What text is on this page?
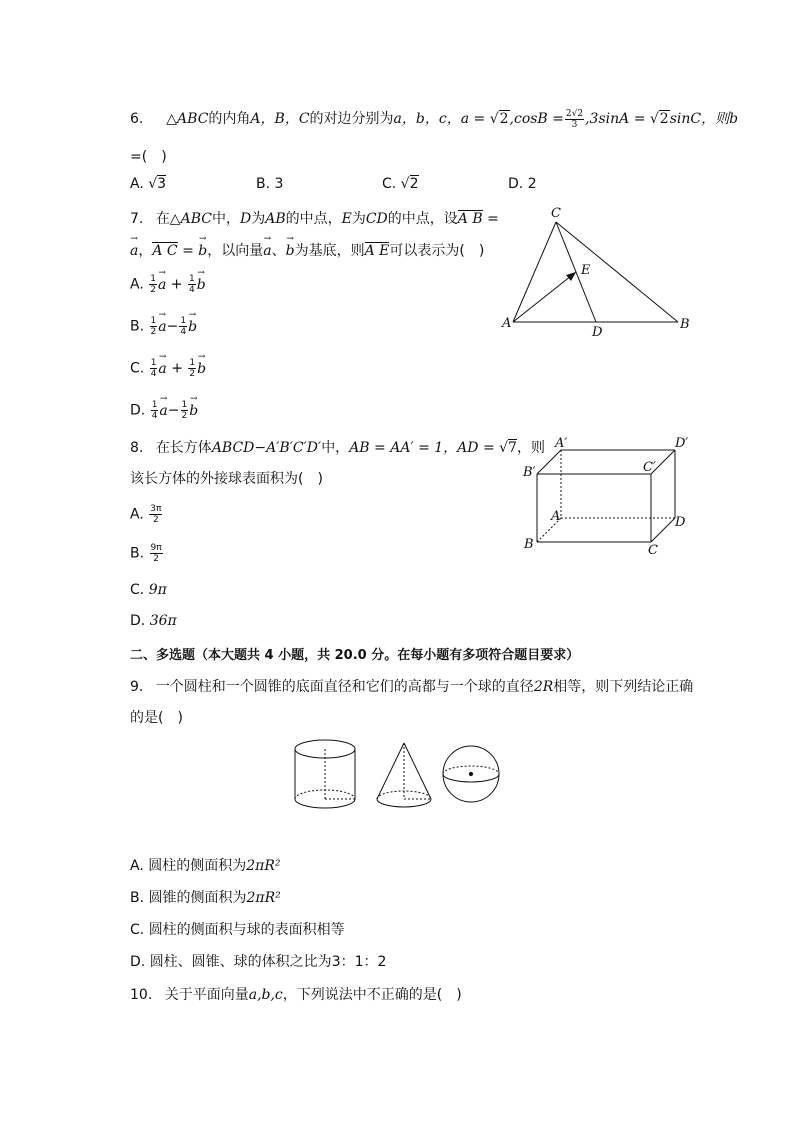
6. △ABC的内角A，B，C的对边分别为a，b，c，$a = √2,\cos B = \frac{2√2}{3} ,3\sin A = √2\sin C$，则b
=(　)
A. √3	B. 3	C. √2	D. 2
7. 在△ABC中，D为AB的中点，E为CD的中点，设A B =
→ a，A C = → b，以向量→ a、→ b为基底，则A E可以表示为(　)
A. $\frac{1}{2}$
→ $a + \frac{1}{4}$
→ b
B. $\frac{1}{2}$
→ $a- \frac{1}{4}$
→ b
C. $\frac{1}{4}$
→ $a + \frac{1}{2}$
→ b
D. $\frac{1}{4}$
→ $a- \frac{1}{2}$
→ b
C
E
A
D
B
8. 在长方体ABCD−A′B′C′D′中，AB = AA′ = 1，AD = √7，则
该长方体的外接球表面积为(　)
A. $\frac{3\pi}{2}$
B. $\frac{9\pi}{2}$
C. 9π
D. 36π
A′	D′
B′	C′
A	D
B	C
二、多选题（本大题共 4 小题，共 20.0 分。在每小题有多项符合题目要求）
9. 一个圆柱和一个圆锥的底面直径和它们的高都与一个球的直径2R相等，则下列结论正确
的是(　)
A. 圆柱的侧面积为2πR²
B. 圆锥的侧面积为2πR²
C. 圆柱的侧面积与球的表面积相等
D. 圆柱、圆锥、球的体积之比为3：1：2
10. 关于平面向量a,b,c，下列说法中不正确的是(　)
